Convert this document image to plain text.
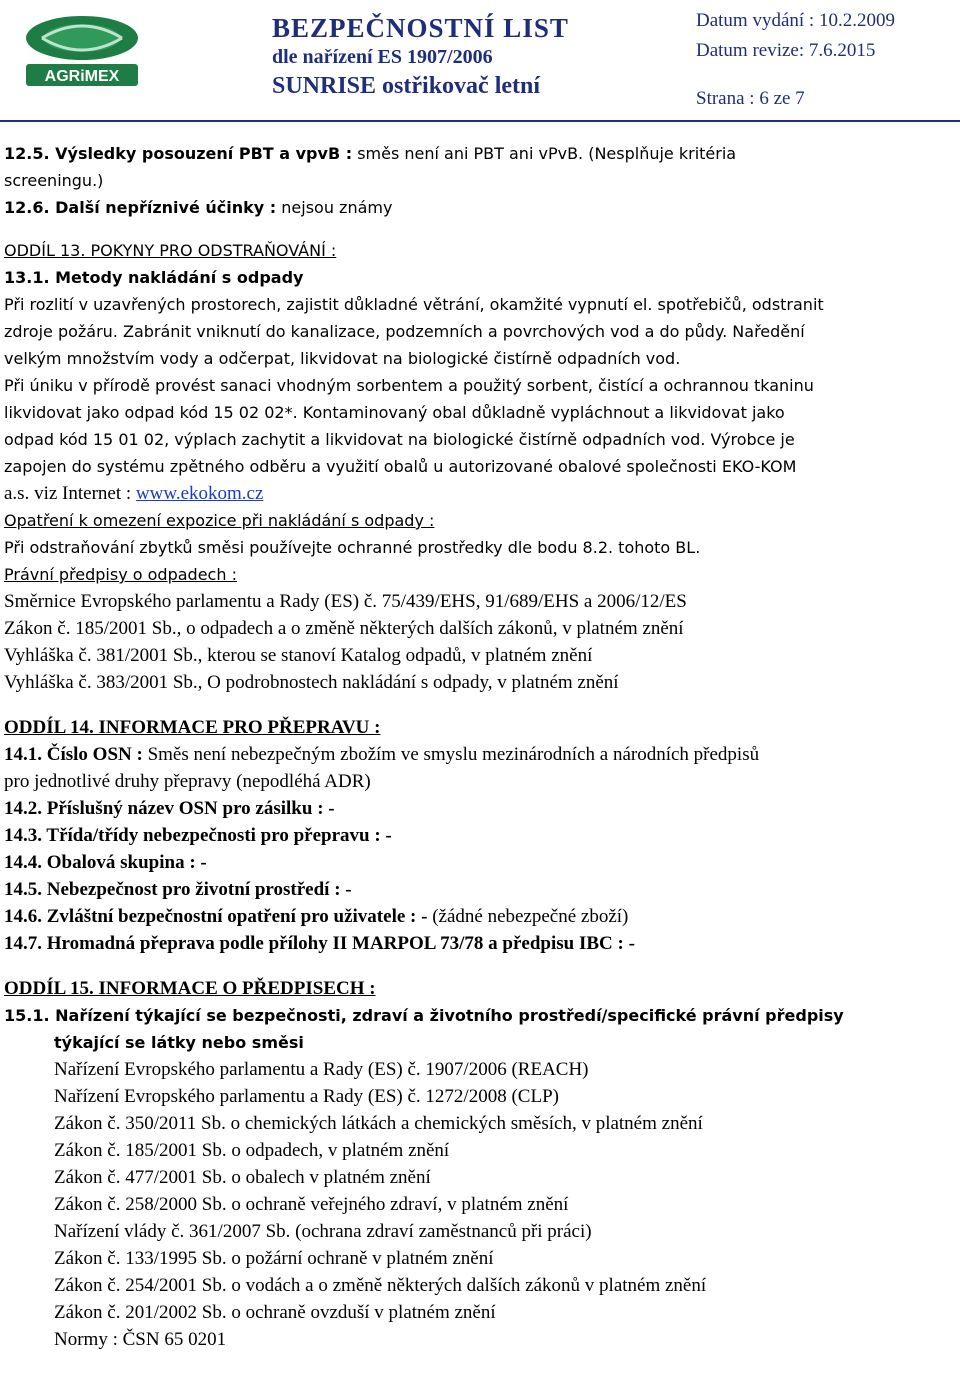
AGRiMEX
BEZPEČNOSTNÍ LIST
dle nařízení ES 1907/2006
SUNRISE ostřikovač letní
Datum vydání : 10.2.2009
Datum revize: 7.6.2015
Strana : 6 ze 7
12.5. Výsledky posouzení PBT a vpvB : směs není ani PBT ani vPvB. (Nesplňuje kritéria
screeningu.)
12.6. Další nepříznivé účinky : nejsou známy
ODDÍL 13. POKYNY PRO ODSTRAŇOVÁNÍ :
13.1. Metody nakládání s odpady
Při rozlití v uzavřených prostorech, zajistit důkladné větrání, okamžité vypnutí el. spotřebičů, odstranit
zdroje požáru. Zabránit vniknutí do kanalizace, podzemních a povrchových vod a do půdy. Naředění
velkým množstvím vody a odčerpat, likvidovat na biologické čistírně odpadních vod.
Při úniku v přírodě provést sanaci vhodným sorbentem a použitý sorbent, čistící a ochrannou tkaninu
likvidovat jako odpad kód 15 02 02*. Kontaminovaný obal důkladně vypláchnout a likvidovat jako
odpad kód 15 01 02, výplach zachytit a likvidovat na biologické čistírně odpadních vod. Výrobce je
zapojen do systému zpětného odběru a využití obalů u autorizované obalové společnosti EKO-KOM
a.s. viz Internet : www.ekokom.cz
Opatření k omezení expozice při nakládání s odpady :
Při odstraňování zbytků směsi používejte ochranné prostředky dle bodu 8.2. tohoto BL.
Právní předpisy o odpadech :
Směrnice Evropského parlamentu a Rady (ES) č. 75/439/EHS, 91/689/EHS a 2006/12/ES
Zákon č. 185/2001 Sb., o odpadech a o změně některých dalších zákonů, v platném znění
Vyhláška č. 381/2001 Sb., kterou se stanoví Katalog odpadů, v platném znění
Vyhláška č. 383/2001 Sb., O podrobnostech nakládání s odpady, v platném znění
ODDÍL 14. INFORMACE PRO PŘEPRAVU :
14.1. Číslo OSN : Směs není nebezpečným zbožím ve smyslu mezinárodních a národních předpisů
pro jednotlivé druhy přepravy (nepodléhá ADR)
14.2. Příslušný název OSN pro zásilku : -
14.3. Třída/třídy nebezpečnosti pro přepravu : -
14.4. Obalová skupina : -
14.5. Nebezpečnost pro životní prostředí : -
14.6. Zvláštní bezpečnostní opatření pro uživatele : - (žádné nebezpečné zboží)
14.7. Hromadná přeprava podle přílohy II MARPOL 73/78 a předpisu IBC : -
ODDÍL 15. INFORMACE O PŘEDPISECH :
15.1. Nařízení týkající se bezpečnosti, zdraví a životního prostředí/specifické právní předpisy
týkající se látky nebo směsi
Nařízení Evropského parlamentu a Rady (ES) č. 1907/2006 (REACH)
Nařízení Evropského parlamentu a Rady (ES) č. 1272/2008 (CLP)
Zákon č. 350/2011 Sb. o chemických látkách a chemických směsích, v platném znění
Zákon č. 185/2001 Sb. o odpadech, v platném znění
Zákon č. 477/2001 Sb. o obalech v platném znění
Zákon č. 258/2000 Sb. o ochraně veřejného zdraví, v platném znění
Nařízení vlády č. 361/2007 Sb. (ochrana zdraví zaměstnanců při práci)
Zákon č. 133/1995 Sb. o požární ochraně v platném znění
Zákon č. 254/2001 Sb. o vodách a o změně některých dalších zákonů v platném znění
Zákon č. 201/2002 Sb. o ochraně ovzduší v platném znění
Normy : ČSN 65 0201
